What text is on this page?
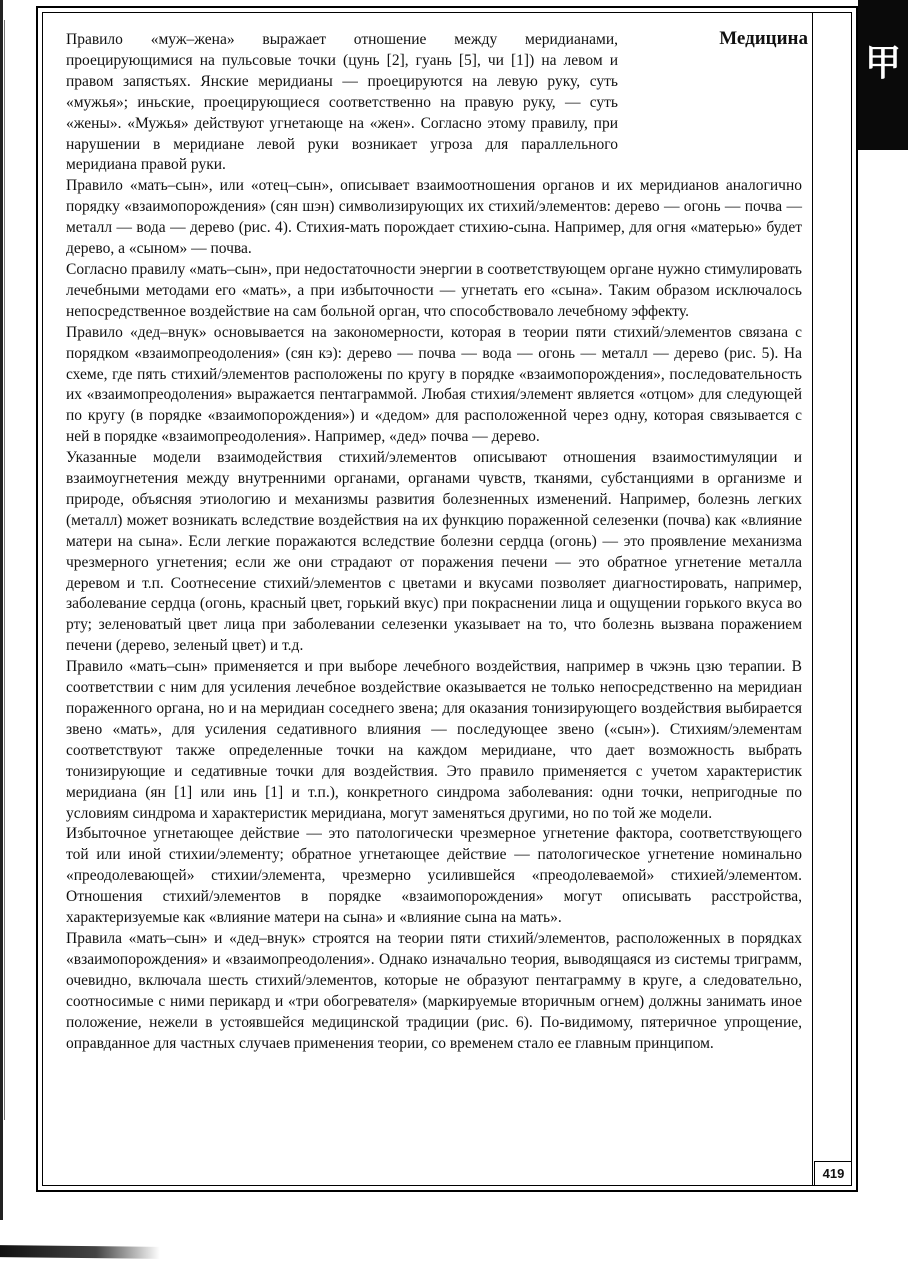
甲
Медицина

Правило «муж–жена» выражает отношение между меридианами, проецирующимися на пульсовые точки (цунь [2], гуань [5], чи [1]) на левом и правом запястьях. Янские меридианы — проецируются на левую руку, суть «мужья»; иньские, проецирующиеся соответственно на правую руку, — суть «жены». «Мужья» действуют угнетающе на «жен». Согласно этому правилу, при нарушении в меридиане левой руки возникает угроза для параллельного меридиана правой руки.

Правило «мать–сын», или «отец–сын», описывает взаимоотношения органов и их меридианов аналогично порядку «взаимопорождения» (сян шэн) символизирующих их стихий/элементов: дерево — огонь — почва — металл — вода — дерево (рис. 4). Стихия-мать порождает стихию-сына. Например, для огня «матерью» будет дерево, а «сыном» — почва.

Согласно правилу «мать–сын», при недостаточности энергии в соответствующем органе нужно стимулировать лечебными методами его «мать», а при избыточности — угнетать его «сына». Таким образом исключалось непосредственное воздействие на сам больной орган, что способствовало лечебному эффекту.

Правило «дед–внук» основывается на закономерности, которая в теории пяти стихий/элементов связана с порядком «взаимопреодоления» (сян кэ): дерево — почва — вода — огонь — металл — дерево (рис. 5). На схеме, где пять стихий/элементов расположены по кругу в порядке «взаимопорождения», последовательность их «взаимопреодоления» выражается пентаграммой. Любая стихия/элемент является «отцом» для следующей по кругу (в порядке «взаимопорождения») и «дедом» для расположенной через одну, которая связывается с ней в порядке «взаимопреодоления». Например, «дед» почва — дерево.

Указанные модели взаимодействия стихий/элементов описывают отношения взаимостимуляции и взаимоугнетения между внутренними органами, органами чувств, тканями, субстанциями в организме и природе, объясняя этиологию и механизмы развития болезненных изменений. Например, болезнь легких (металл) может возникать вследствие воздействия на их функцию пораженной селезенки (почва) как «влияние матери на сына». Если легкие поражаются вследствие болезни сердца (огонь) — это проявление механизма чрезмерного угнетения; если же они страдают от поражения печени — это обратное угнетение металла деревом и т.п. Соотнесение стихий/элементов с цветами и вкусами позволяет диагностировать, например, заболевание сердца (огонь, красный цвет, горький вкус) при покраснении лица и ощущении горького вкуса во рту; зеленоватый цвет лица при заболевании селезенки указывает на то, что болезнь вызвана поражением печени (дерево, зеленый цвет) и т.д.

Правило «мать–сын» применяется и при выборе лечебного воздействия, например в чжэнь цзю терапии. В соответствии с ним для усиления лечебное воздействие оказывается не только непосредственно на меридиан пораженного органа, но и на меридиан соседнего звена; для оказания тонизирующего воздействия выбирается звено «мать», для усиления седативного влияния — последующее звено («сын»). Стихиям/элементам соответствуют также определенные точки на каждом меридиане, что дает возможность выбрать тонизирующие и седативные точки для воздействия. Это правило применяется с учетом характеристик меридиана (ян [1] или инь [1] и т.п.), конкретного синдрома заболевания: одни точки, непригодные по условиям синдрома и характеристик меридиана, могут заменяться другими, но по той же модели.

Избыточное угнетающее действие — это патологически чрезмерное угнетение фактора, соответствующего той или иной стихии/элементу; обратное угнетающее действие — патологическое угнетение номинально «преодолевающей» стихии/элемента, чрезмерно усилившейся «преодолеваемой» стихией/элементом. Отношения стихий/элементов в порядке «взаимопорождения» могут описывать расстройства, характеризуемые как «влияние матери на сына» и «влияние сына на мать».

Правила «мать–сын» и «дед–внук» строятся на теории пяти стихий/элементов, расположенных в порядках «взаимопорождения» и «взаимопреодоления». Однако изначально теория, выводящаяся из системы триграмм, очевидно, включала шесть стихий/элементов, которые не образуют пентаграмму в круге, а следовательно, соотносимые с ними перикард и «три обогревателя» (маркируемые вторичным огнем) должны занимать иное положение, нежели в устоявшейся медицинской традиции (рис. 6). По-видимому, пятеричное упрощение, оправданное для частных случаев применения теории, со временем стало ее главным принципом.

419
